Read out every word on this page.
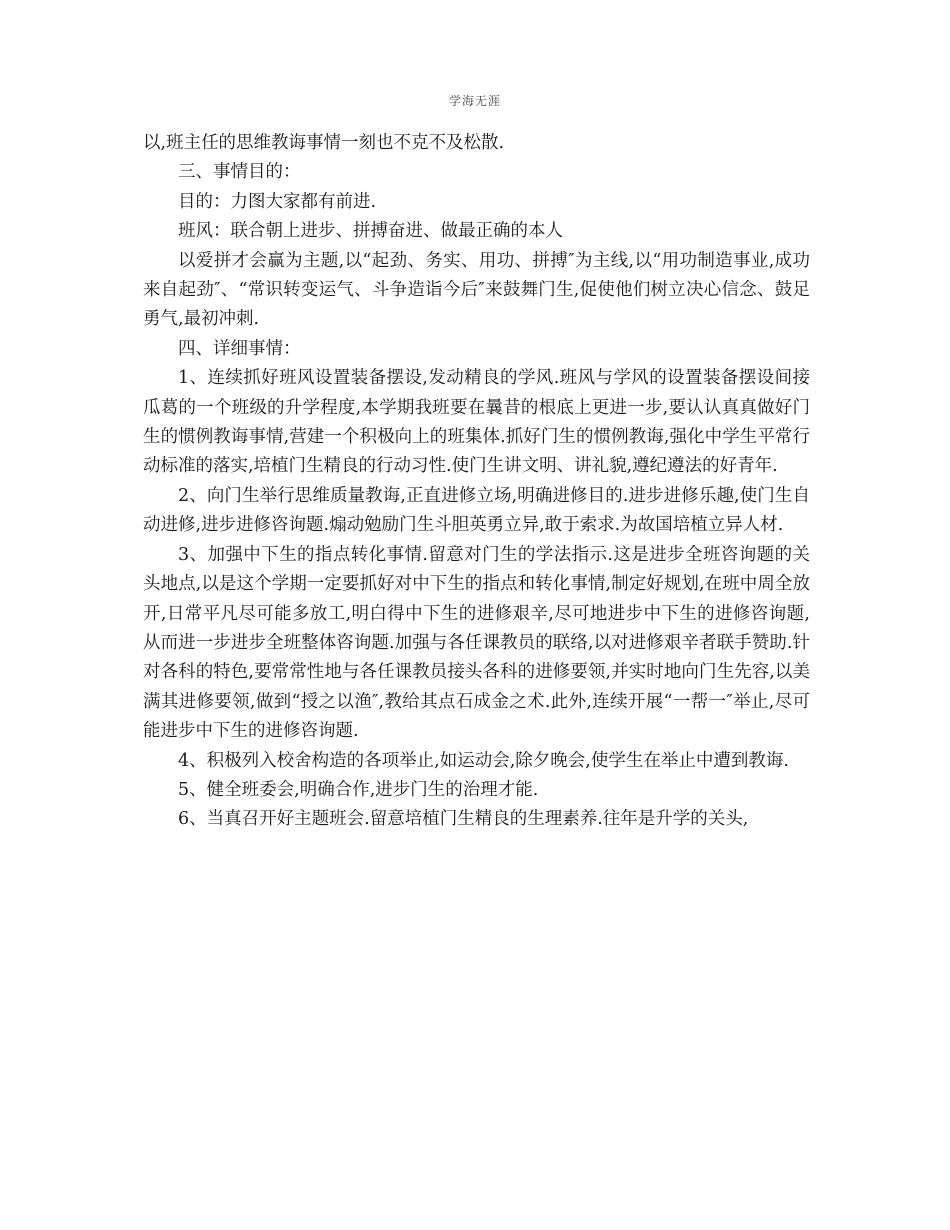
学海无涯

以,班主任的思维教诲事情一刻也不克不及松散.

三、事情目的：

目的：力图大家都有前进.

班风：联合朝上进步、拼搏奋进、做最正确的本人

以爱拼才会赢为主题,以“起劲、务实、用功、拼搏″为主线,以“用功制造事业,成功来自起劲″、“常识转变运气、斗争造诣今后″来鼓舞门生,促使他们树立决心信念、鼓足勇气,最初冲刺.

四、详细事情：

1、连续抓好班风设置装备摆设,发动精良的学风.班风与学风的设置装备摆设间接瓜葛的一个班级的升学程度,本学期我班要在曩昔的根底上更进一步,要认认真真做好门生的惯例教诲事情,营建一个积极向上的班集体.抓好门生的惯例教诲,强化中学生平常行动标准的落实,培植门生精良的行动习性.使门生讲文明、讲礼貌,遵纪遵法的好青年.

2、向门生举行思维质量教诲,正直进修立场,明确进修目的.进步进修乐趣,使门生自动进修,进步进修咨询题.煽动勉励门生斗胆英勇立异,敢于索求.为故国培植立异人材.

3、加强中下生的指点转化事情.留意对门生的学法指示.这是进步全班咨询题的关头地点,以是这个学期一定要抓好对中下生的指点和转化事情,制定好规划,在班中周全放开,日常平凡尽可能多放工,明白得中下生的进修艰辛,尽可地进步中下生的进修咨询题,从而进一步进步全班整体咨询题.加强与各任课教员的联络,以对进修艰辛者联手赞助.针对各科的特色,要常常性地与各任课教员接头各科的进修要领,并实时地向门生先容,以美满其进修要领,做到“授之以渔″,教给其点石成金之术.此外,连续开展“一帮一″举止,尽可能进步中下生的进修咨询题.

4、积极列入校舍构造的各项举止,如运动会,除夕晚会,使学生在举止中遭到教诲.

5、健全班委会,明确合作,进步门生的治理才能.

6、当真召开好主题班会.留意培植门生精良的生理素养.往年是升学的关头,
